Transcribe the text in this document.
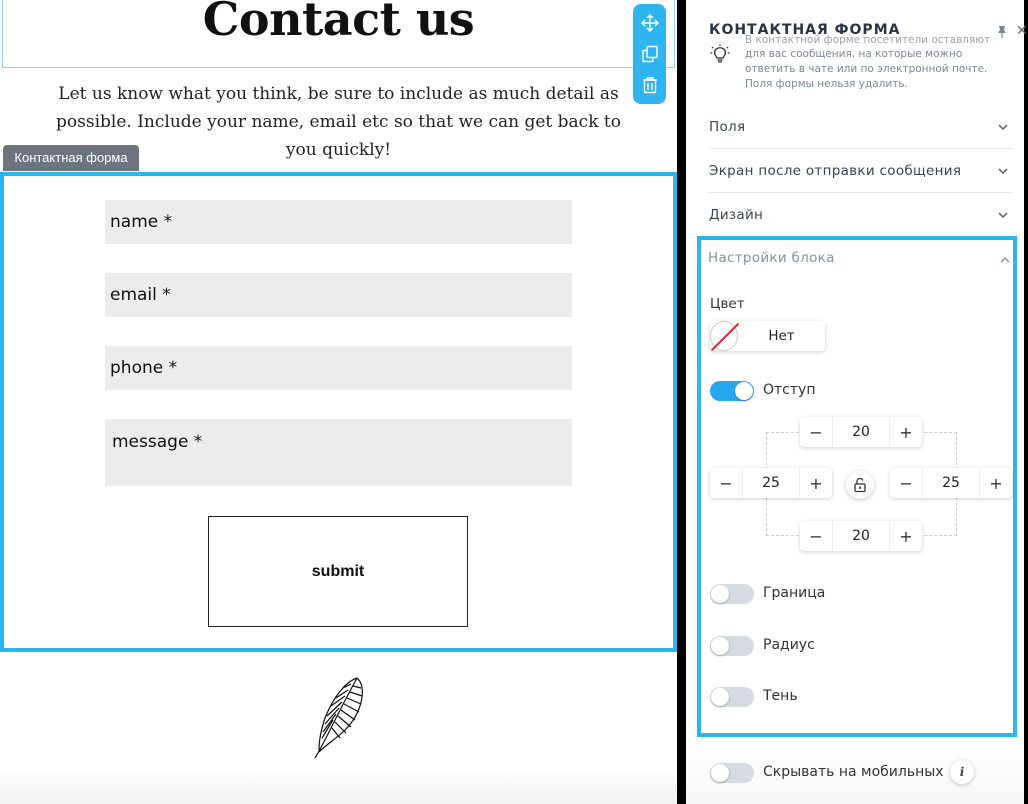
Contact us

Let us know what you think, be sure to include as much detail as possible. Include your name, email etc so that we can get back to you quickly!

Контактная форма
name *
email *
phone *
message *
submit
КОНТАКТНАЯ ФОРМА	✕
В контактной форме посетители оставляют
для вас сообщения, на которые можно ответить в чате или по электронной почте. Поля формы нельзя удалить.
Поля
Экран после отправки сообщения
Дизайн
Настройки блока
Цвет
Нет
Отступ
−	20	+
−	25	+	−	25	+
−	20	+
Граница
Радиус
Тень
Скрывать на мобильных	i
